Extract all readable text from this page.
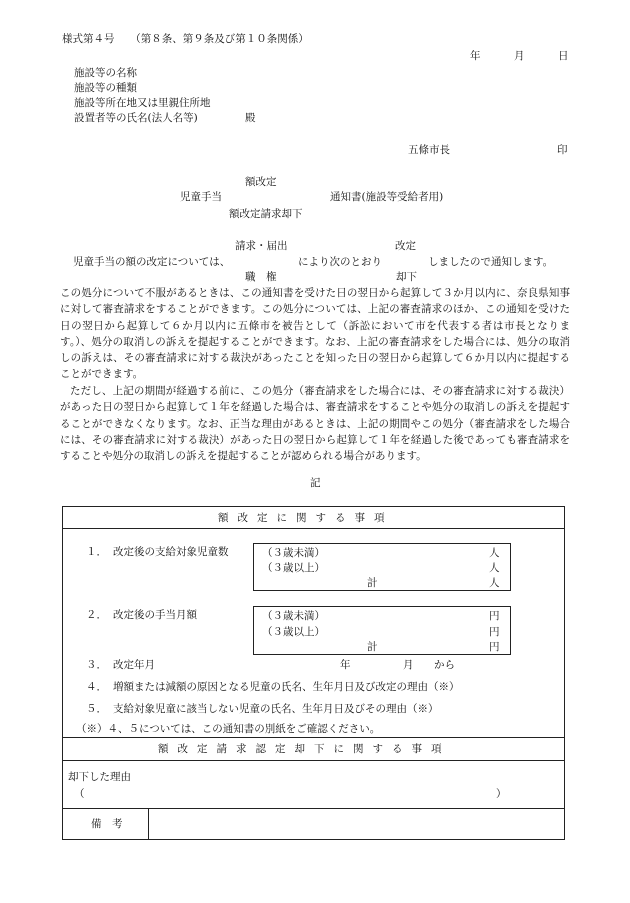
様式第４号　　（第８条、第９条及び第１０条関係）
年	月	日
施設等の名称
施設等の種類
施設等所在地又は里親住所地
設置者等の氏名(法人名等)	殿
五條市長	印
額改定
児童手当	通知書(施設等受給者用)
額改定請求却下
請求・届出	改定
児童手当の額の改定については、	により次のとおり	しましたので通知します。
職　権	却下
この処分について不服があるときは、この通知書を受けた日の翌日から起算して３か月以内に、奈良県知事に対して審査請求をすることができます。この処分については、上記の審査請求のほか、この通知を受けた日の翌日から起算して６か月以内に五條市を被告として（訴訟において市を代表する者は市長となります。）、処分の取消しの訴えを提起することができます。なお、上記の審査請求をした場合には、処分の取消しの訴えは、その審査請求に対する裁決があったことを知った日の翌日から起算して６か月以内に提起することができます。
ただし、上記の期間が経過する前に、この処分（審査請求をした場合には、その審査請求に対する裁決）があった日の翌日から起算して１年を経過した場合は、審査請求をすることや処分の取消しの訴えを提起することができなくなります。なお、正当な理由があるときは、上記の期間やこの処分（審査請求をした場合には、その審査請求に対する裁決）があった日の翌日から起算して１年を経過した後であっても審査請求をすることや処分の取消しの訴えを提起することが認められる場合があります。
記
額改定に関する事項
１． 改定後の支給対象児童数	（３歳未満）	人
（３歳以上）	人
計	人
２． 改定後の手当月額	（３歳未満）	円
（３歳以上）	円
計	円
３． 改定年月	年	月 から
４． 増額または減額の原因となる児童の氏名、生年月日及び改定の理由（※）
５． 支給対象児童に該当しない児童の氏名、生年月日及びその理由（※）
（※）４、５については、この通知書の別紙をご確認ください。
額改定請求認定却下に関する事項
却下した理由
（	）
備　考
